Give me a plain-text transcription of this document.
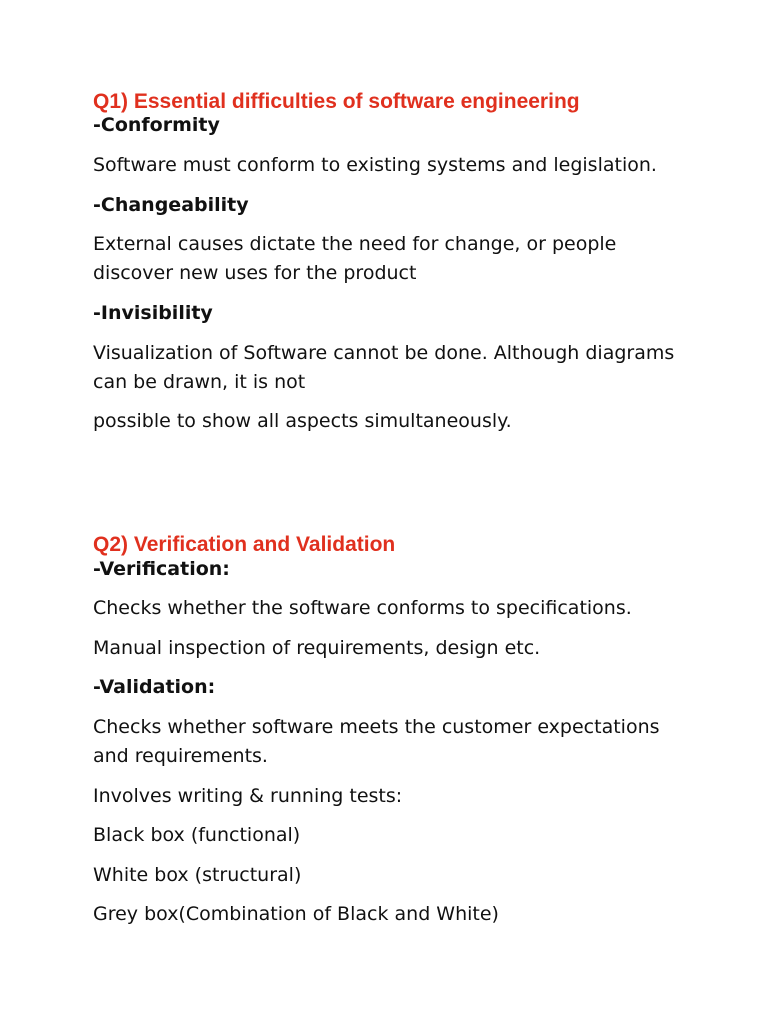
Q1) Essential difficulties of software engineering
-Conformity
Software must conform to existing systems and legislation.
-Changeability
External causes dictate the need for change, or people
discover new uses for the product
-Invisibility
Visualization of Software cannot be done. Although diagrams
can be drawn, it is not
possible to show all aspects simultaneously.
Q2) Verification and Validation
-Verification:
Checks whether the software conforms to specifications.
Manual inspection of requirements, design etc.
-Validation:
Checks whether software meets the customer expectations
and requirements.
Involves writing & running tests:
Black box (functional)
White box (structural)
Grey box(Combination of Black and White)
